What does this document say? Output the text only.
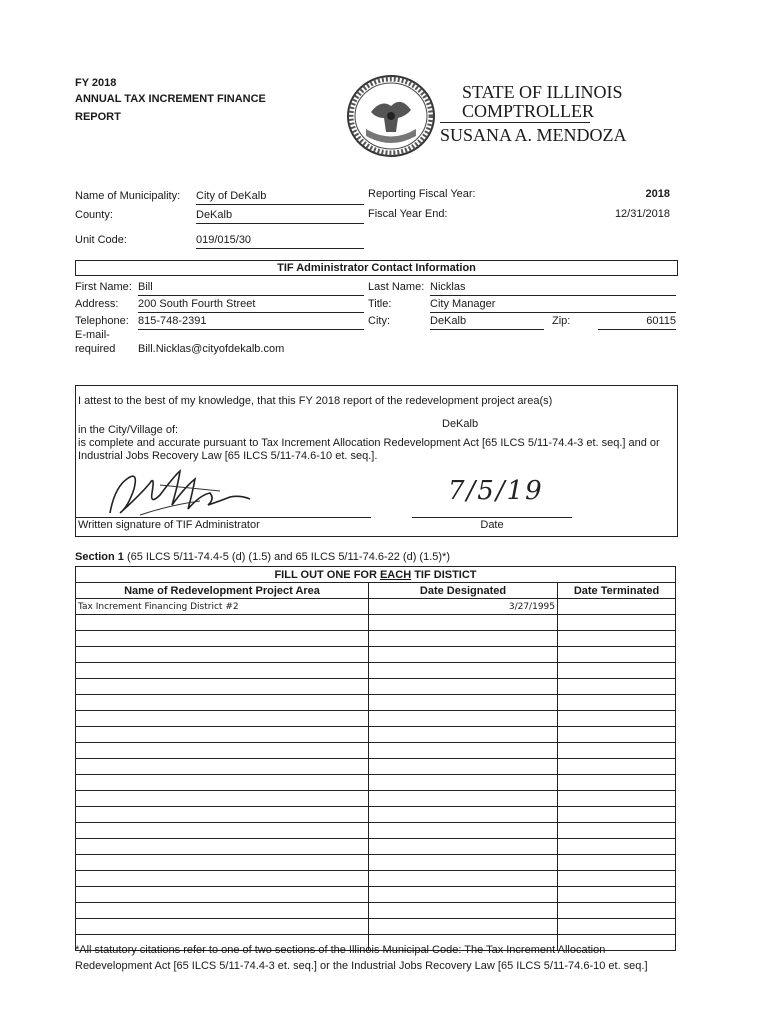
FY 2018
ANNUAL TAX INCREMENT FINANCE
REPORT
STATE OF ILLINOIS
COMPTROLLER
SUSANA A. MENDOZA
Name of Municipality: City of DeKalb
County:	DeKalb
Unit Code:	019/015/30
Reporting Fiscal Year:	2018
Fiscal Year End:	12/31/2018
TIF Administrator Contact Information
First Name: Bill	Last Name: Nicklas
Address: 200 South Fourth Street	Title:	City Manager
Telephone: 815-748-2391	City:	DeKalb	Zip:	60115
E-mail-
required Bill.Nicklas@cityofdekalb.com
I attest to the best of my knowledge, that this FY 2018 report of the redevelopment project area(s)
in the City/Village of:	DeKalb
is complete and accurate pursuant to Tax Increment Allocation Redevelopment Act [65 ILCS 5/11-74.4-3 et. seq.] and or
Industrial Jobs Recovery Law [65 ILCS 5/11-74.6-10 et. seq.].
Written signature of TIF Administrator
7/5/19
Date
Section 1 (65 ILCS 5/11-74.4-5 (d) (1.5) and 65 ILCS 5/11-74.6-22 (d) (1.5)*)
FILL OUT ONE FOR EACH TIF DISTICT		
Name of Redevelopment Project Area	Date Designated	Date Terminated
Tax Increment Financing District #2	3/27/1995	

*All statutory citations refer to one of two sections of the Illinois Municipal Code: The Tax Increment Allocation
Redevelopment Act [65 ILCS 5/11-74.4-3 et. seq.] or the Industrial Jobs Recovery Law [65 ILCS 5/11-74.6-10 et. seq.]
